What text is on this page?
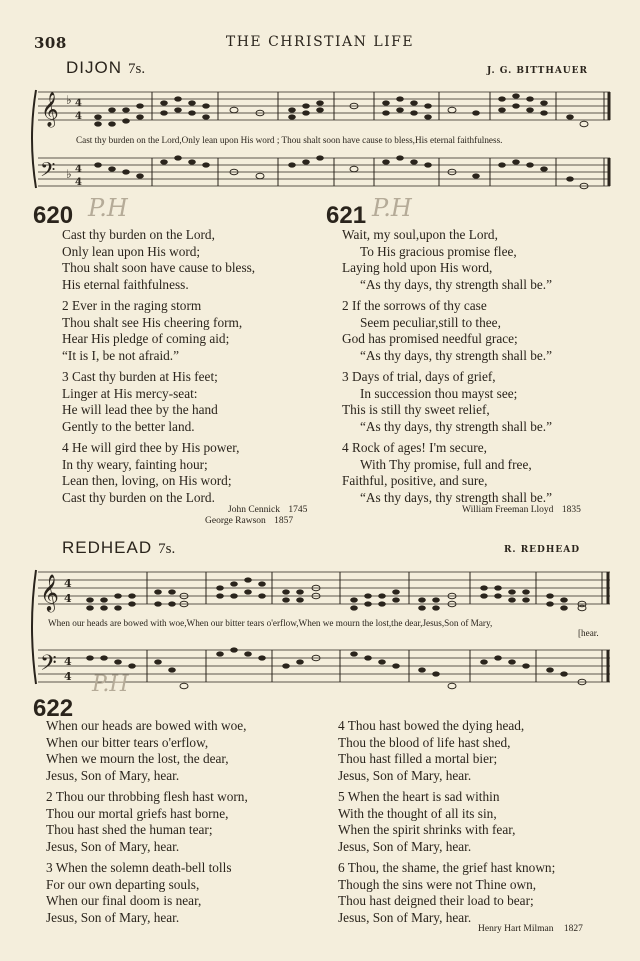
308	THE CHRISTIAN LIFE
DIJON 7s.	J. G. BITTHAUER
𝄞
𝄢
♭
♭
4
4
4
4
Cast thy burden on the Lord,Only lean upon His word ; Thou shalt soon have cause to bless,His eternal faithfulness.
620 P.H
Cast thy burden on the Lord,
Only lean upon His word;
Thou shalt soon have cause to bless,
His eternal faithfulness.
2 Ever in the raging storm
Thou shalt see His cheering form,
Hear His pledge of coming aid;
“It is I, be not afraid.”
3 Cast thy burden at His feet;
Linger at His mercy-seat:
He will lead thee by the hand
Gently to the better land.
4 He will gird thee by His power,
In thy weary, fainting hour;
Lean then, loving, on His word;
Cast thy burden on the Lord.
John Cennick 1745
George Rawson 1857
621 P.H
Wait, my soul,upon the Lord,
To His gracious promise flee,
Laying hold upon His word,
“As thy days, thy strength shall be.”
2 If the sorrows of thy case
Seem peculiar,still to thee,
God has promised needful grace;
“As thy days, thy strength shall be.”
3 Days of trial, days of grief,
In succession thou mayst see;
This is still thy sweet relief,
“As thy days, thy strength shall be.”
4 Rock of ages! I'm secure,
With Thy promise, full and free,
Faithful, positive, and sure,
“As thy days, thy strength shall be.”
William Freeman Lloyd 1835
REDHEAD 7s.	R. REDHEAD
𝄞
𝄢
4
4
4
4
When our heads are bowed with woe,When our bitter tears o'erflow,When we mourn the lost,the dear,Jesus,Son of Mary,
[hear.
P.H
622
When our heads are bowed with woe,
When our bitter tears o'erflow,
When we mourn the lost, the dear,
Jesus, Son of Mary, hear.
2 Thou our throbbing flesh hast worn,
Thou our mortal griefs hast borne,
Thou hast shed the human tear;
Jesus, Son of Mary, hear.
3 When the solemn death-bell tolls
For our own departing souls,
When our final doom is near,
Jesus, Son of Mary, hear.
4 Thou hast bowed the dying head,
Thou the blood of life hast shed,
Thou hast filled a mortal bier;
Jesus, Son of Mary, hear.
5 When the heart is sad within
With the thought of all its sin,
When the spirit shrinks with fear,
Jesus, Son of Mary, hear.
6 Thou, the shame, the grief hast known;
Though the sins were not Thine own,
Thou hast deigned their load to bear;
Jesus, Son of Mary, hear.
Henry Hart Milman 1827
